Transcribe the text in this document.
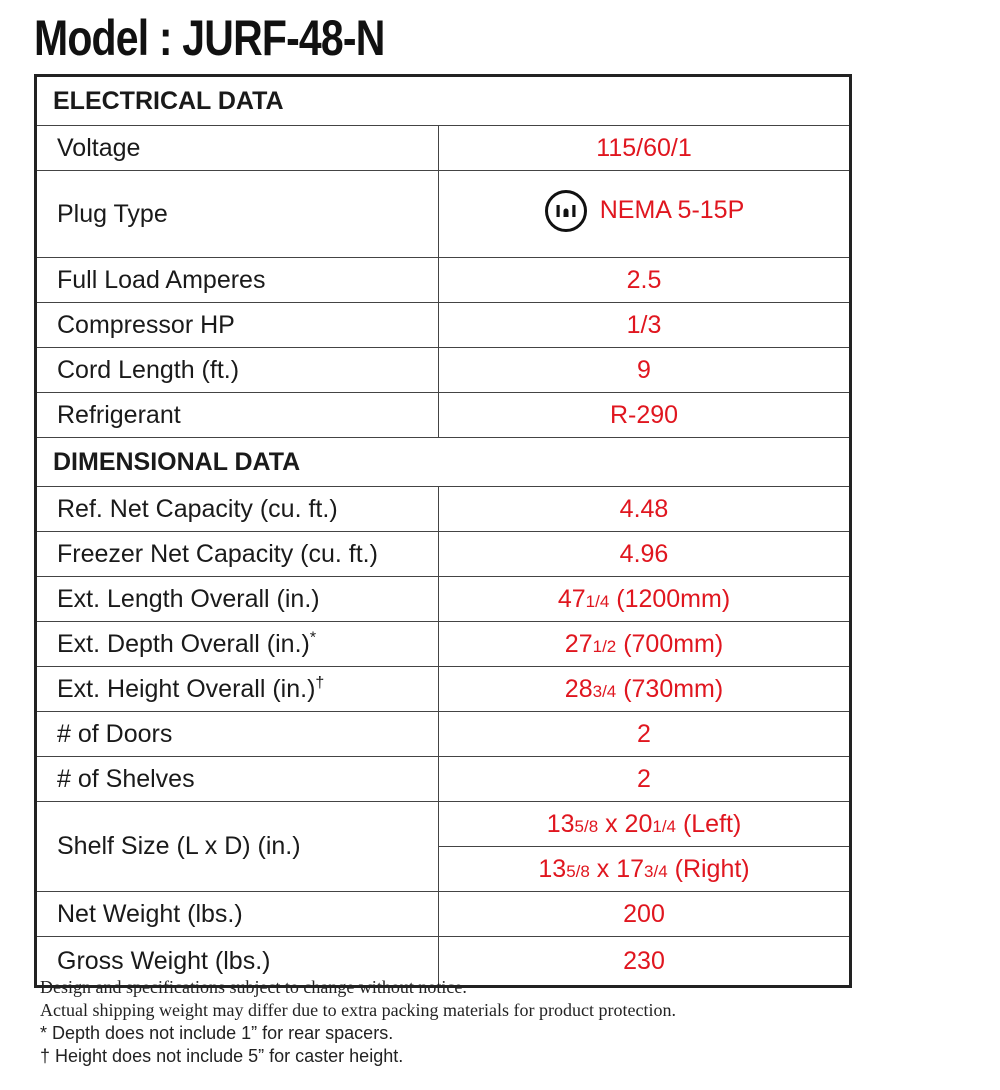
Model : JURF-48-N
ELECTRICAL DATA	
Voltage	115/60/1
Plug Type	NEMA 5-15P

Full Load Amperes	2.5
Compressor HP	1/3
Cord Length (ft.)	9
Refrigerant	R-290
DIMENSIONAL DATA	
Ref. Net Capacity (cu. ft.)	4.48
Freezer Net Capacity (cu. ft.)	4.96
Ext. Length Overall (in.)	471/4 (1200mm)
Ext. Depth Overall (in.)*	271/2 (700mm)
Ext. Height Overall (in.)†	283/4 (730mm)
# of Doors	2
# of Shelves	2
Shelf Size (L x D) (in.)	135/8 x 201/4 (Left)
	135/8 x 173/4 (Right)
Net Weight (lbs.)	200
Gross Weight (lbs.)	230
Design and specifications subject to change without notice.
Actual shipping weight may differ due to extra packing materials for product protection.
* Depth does not include 1” for rear spacers.
† Height does not include 5” for caster height.
